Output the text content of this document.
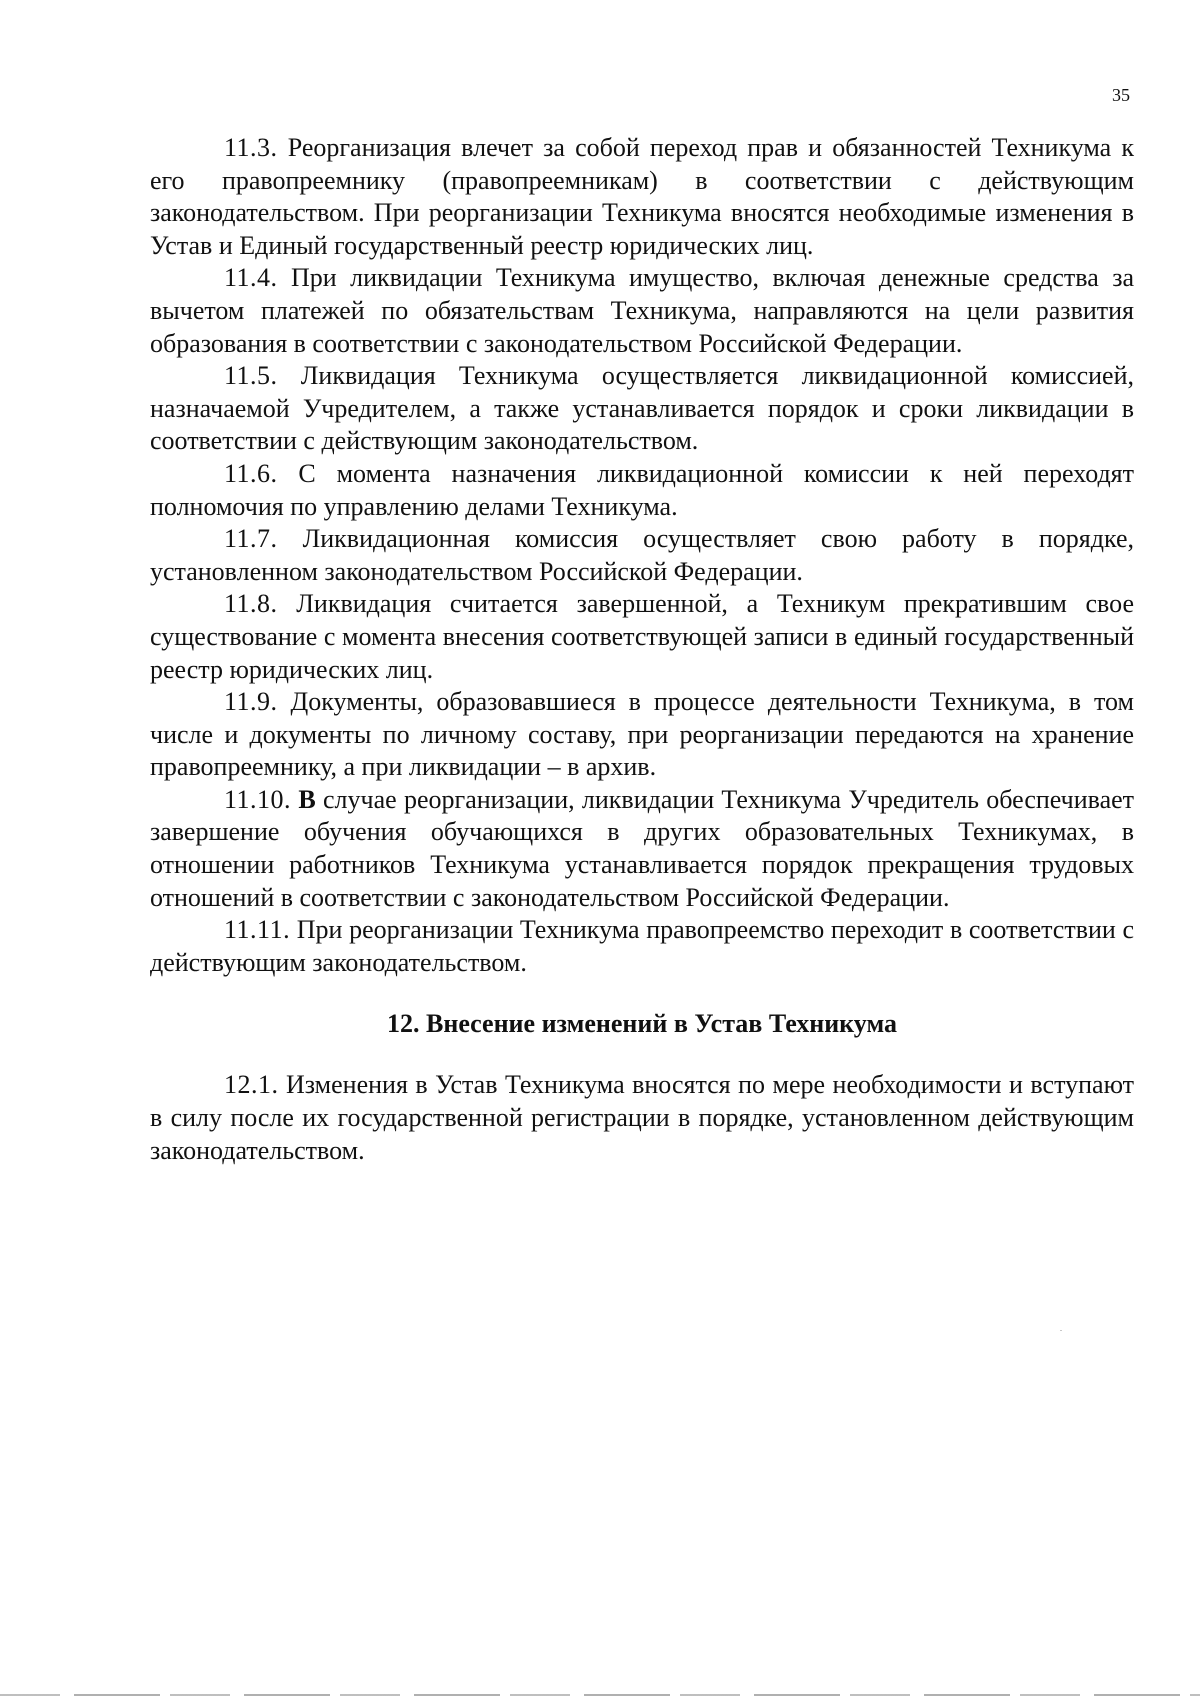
35

11.3. Реорганизация влечет за собой переход прав и обязанностей Техникума к его правопреемнику (правопреемникам) в соответствии с действующим законодательством. При реорганизации Техникума вносятся необходимые изменения в Устав и Единый государственный реестр юридических лиц.

11.4. При ликвидации Техникума имущество, включая денежные средства за вычетом платежей по обязательствам Техникума, направляются на цели развития образования в соответствии с законодательством Российской Федерации.

11.5. Ликвидация Техникума осуществляется ликвидационной комиссией, назначаемой Учредителем, а также устанавливается порядок и сроки ликвидации в соответствии с действующим законодательством.

11.6. С момента назначения ликвидационной комиссии к ней переходят полномочия по управлению делами Техникума.

11.7. Ликвидационная комиссия осуществляет свою работу в порядке, установленном законодательством Российской Федерации.

11.8. Ликвидация считается завершенной, а Техникум прекратившим свое существование с момента внесения соответствующей записи в единый государственный реестр юридических лиц.

11.9. Документы, образовавшиеся в процессе деятельности Техникума, в том числе и документы по личному составу, при реорганизации передаются на хранение правопреемнику, а при ликвидации – в архив.

11.10. В случае реорганизации, ликвидации Техникума Учредитель обеспечивает завершение обучения обучающихся в других образовательных Техникумах, в отношении работников Техникума устанавливается порядок прекращения трудовых отношений в соответствии с законодательством Российской Федерации.

11.11. При реорганизации Техникума правопреемство переходит в соответствии с действующим законодательством.

12. Внесение изменений в Устав Техникума

12.1. Изменения в Устав Техникума вносятся по мере необходимости и вступают в силу после их государственной регистрации в порядке, установленном действующим законодательством.
